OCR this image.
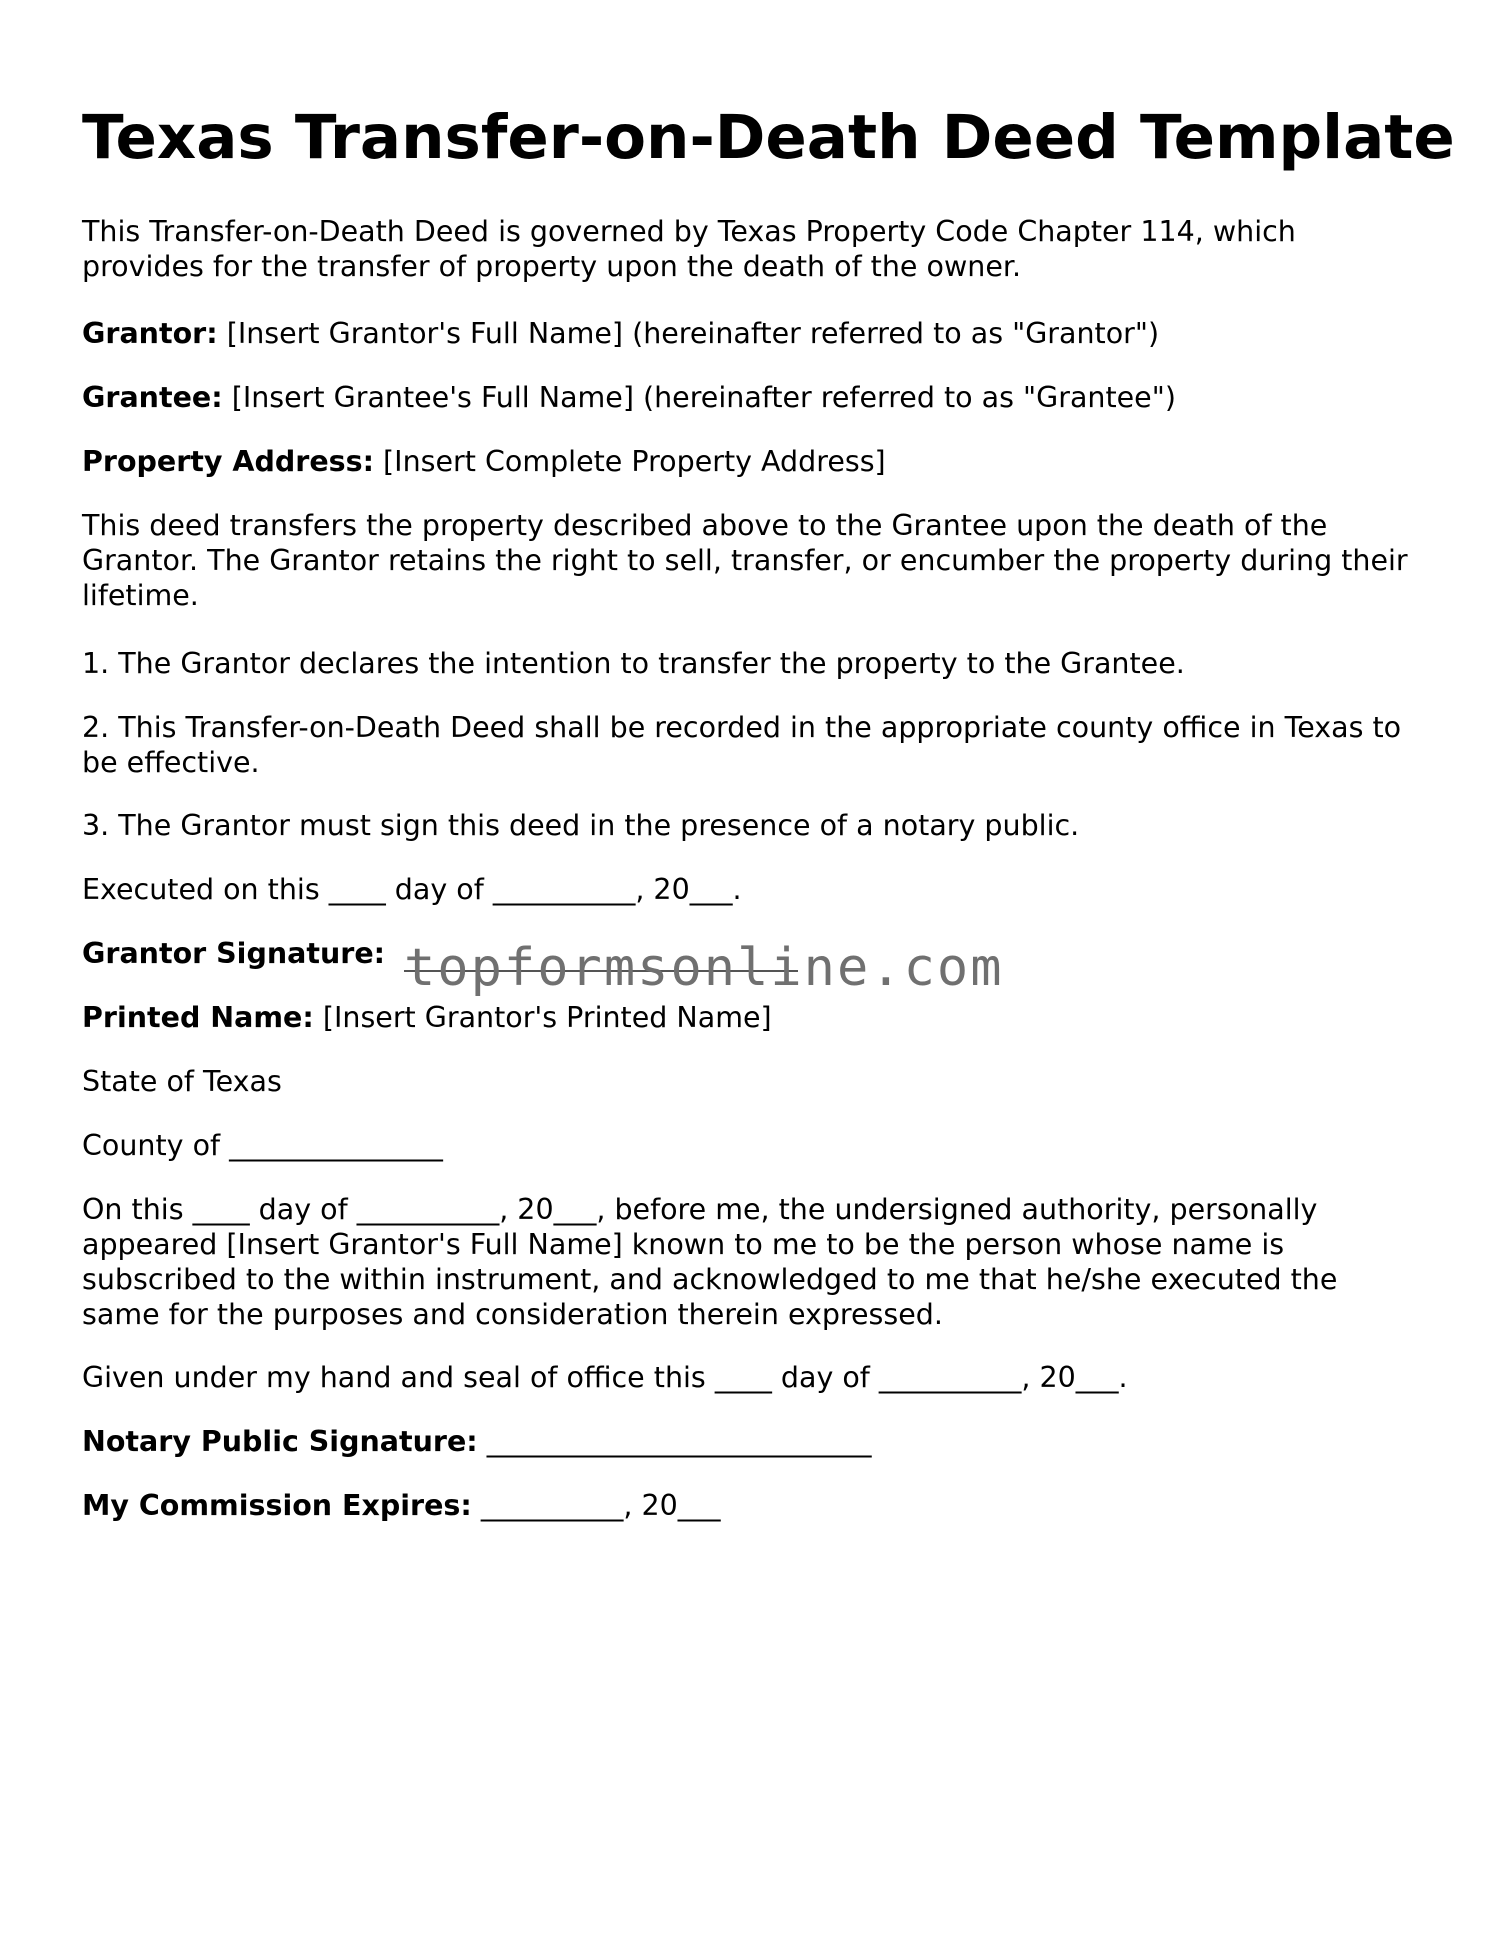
Texas Transfer-on-Death Deed Template

This Transfer-on-Death Deed is governed by Texas Property Code Chapter 114, which provides for the transfer of property upon the death of the owner.

Grantor: [Insert Grantor's Full Name] (hereinafter referred to as "Grantor")

Grantee: [Insert Grantee's Full Name] (hereinafter referred to as "Grantee")

Property Address: [Insert Complete Property Address]

This deed transfers the property described above to the Grantee upon the death of the Grantor. The Grantor retains the right to sell, transfer, or encumber the property during their lifetime.

1. The Grantor declares the intention to transfer the property to the Grantee.

2. This Transfer-on-Death Deed shall be recorded in the appropriate county office in Texas to be effective.

3. The Grantor must sign this deed in the presence of a notary public.

Executed on this ____ day of __________, 20___.

Grantor Signature:

Printed Name: [Insert Grantor's Printed Name]

State of Texas

County of _______________

On this ____ day of __________, 20___, before me, the undersigned authority, personally appeared [Insert Grantor's Full Name] known to me to be the person whose name is subscribed to the within instrument, and acknowledged to me that he/she executed the same for the purposes and consideration therein expressed.

Given under my hand and seal of office this ____ day of __________, 20___.

Notary Public Signature: ___________________________

My Commission Expires: __________, 20___

topformsonline.com
